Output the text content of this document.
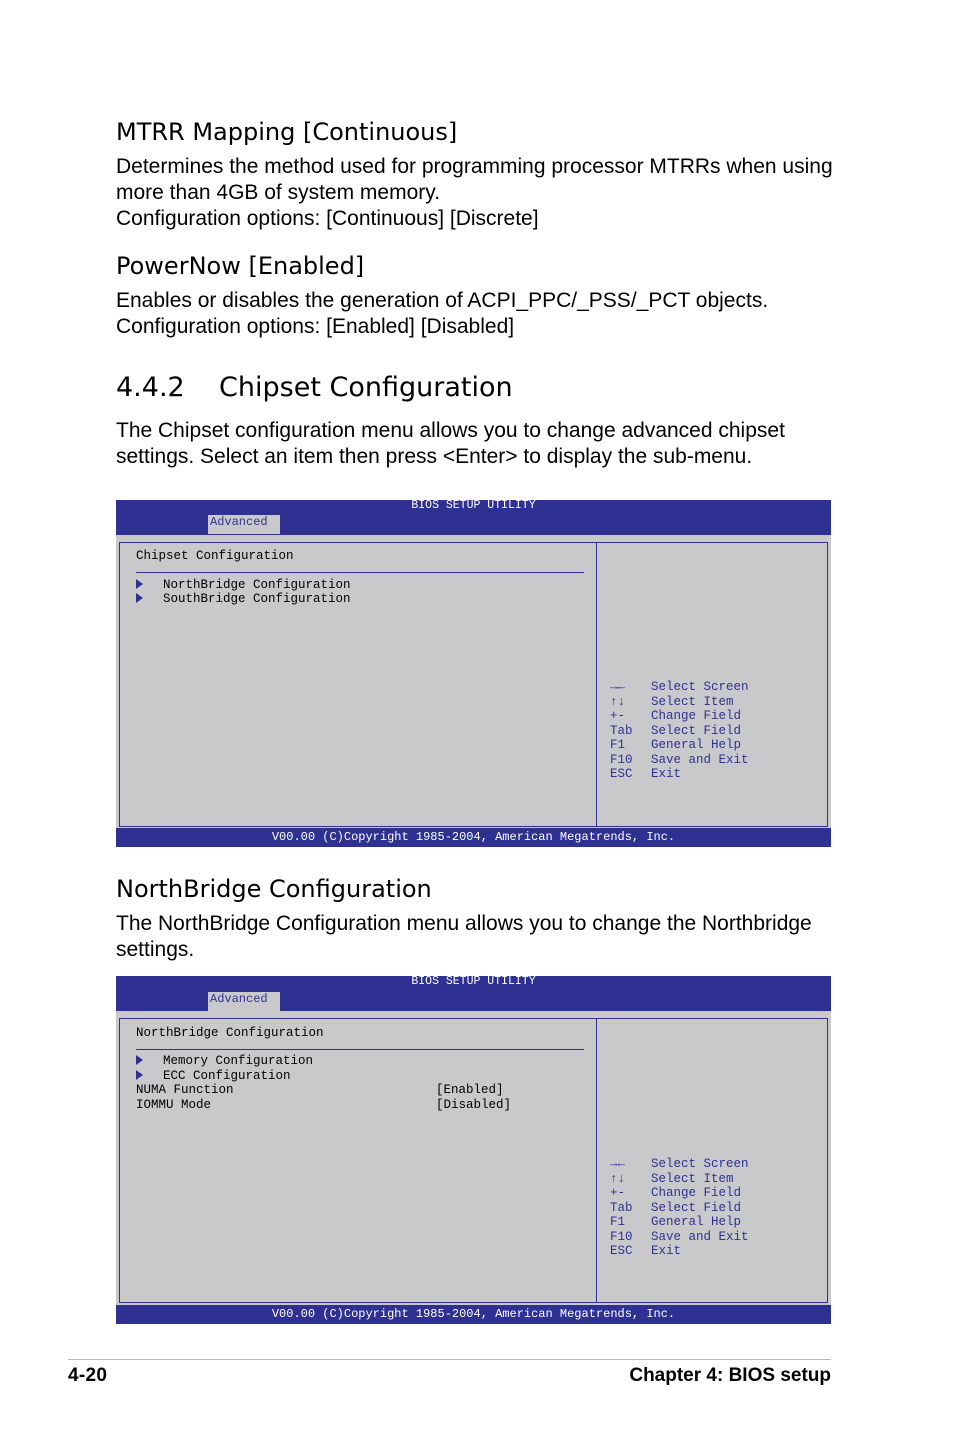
MTRR Mapping [Continuous]
Determines the method used for programming processor MTRRs when using
more than 4GB of system memory.
Configuration options: [Continuous] [Discrete]
PowerNow [Enabled]
Enables or disables the generation of ACPI_PPC/_PSS/_PCT objects.
Configuration options: [Enabled] [Disabled]
4.4.2    Chipset Configuration
The Chipset configuration menu allows you to change advanced chipset
settings. Select an item then press <Enter> to display the sub-menu.
BIOS SETUP UTILITY
Advanced
Chipset Configuration
NorthBridge Configuration
SouthBridge Configuration
→← Select Screen
↑↓ Select Item
+- Change Field
Tab Select Field
F1 General Help
F10 Save and Exit
ESC Exit
V00.00 (C)Copyright 1985-2004, American Megatrends, Inc.
NorthBridge Configuration
The NorthBridge Configuration menu allows you to change the Northbridge
settings.
BIOS SETUP UTILITY
Advanced
NorthBridge Configuration
Memory Configuration
ECC Configuration
NUMA Function	[Enabled]
IOMMU Mode	[Disabled]
→← Select Screen
↑↓ Select Item
+- Change Field
Tab Select Field
F1 General Help
F10 Save and Exit
ESC Exit
V00.00 (C)Copyright 1985-2004, American Megatrends, Inc.
4-20	Chapter 4: BIOS setup
